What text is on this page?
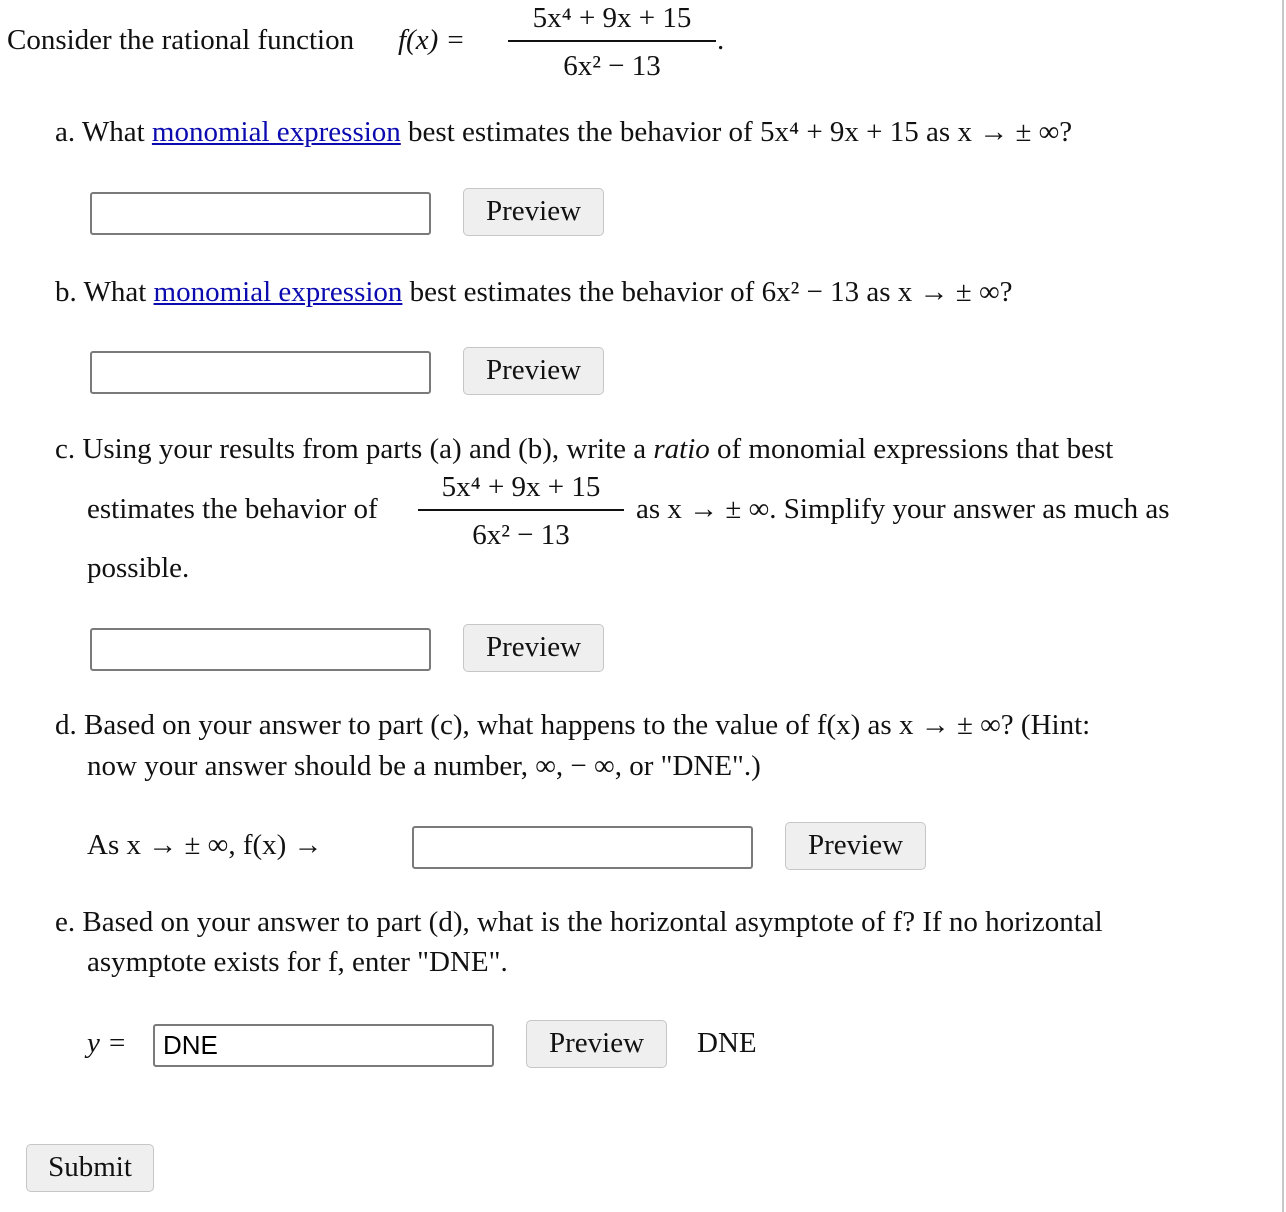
Consider the rational function f(x) =
5x⁴ + 9x + 15
6x² − 13
.
a. What monomial expression best estimates the behavior of 5x⁴ + 9x + 15 as x → ± ∞?
Preview
b. What monomial expression best estimates the behavior of 6x² − 13 as x → ± ∞?
Preview
c. Using your results from parts (a) and (b), write a ratio of monomial expressions that best
estimates the behavior of
5x⁴ + 9x + 15
6x² − 13
as x → ± ∞. Simplify your answer as much as
possible.
Preview
d. Based on your answer to part (c), what happens to the value of f(x) as x → ± ∞? (Hint:
now your answer should be a number, ∞, − ∞, or "DNE".)
As x → ± ∞, f(x) →	Preview
e. Based on your answer to part (d), what is the horizontal asymptote of f? If no horizontal
asymptote exists for f, enter "DNE".
y =
DNE	Preview	DNE
Submit
